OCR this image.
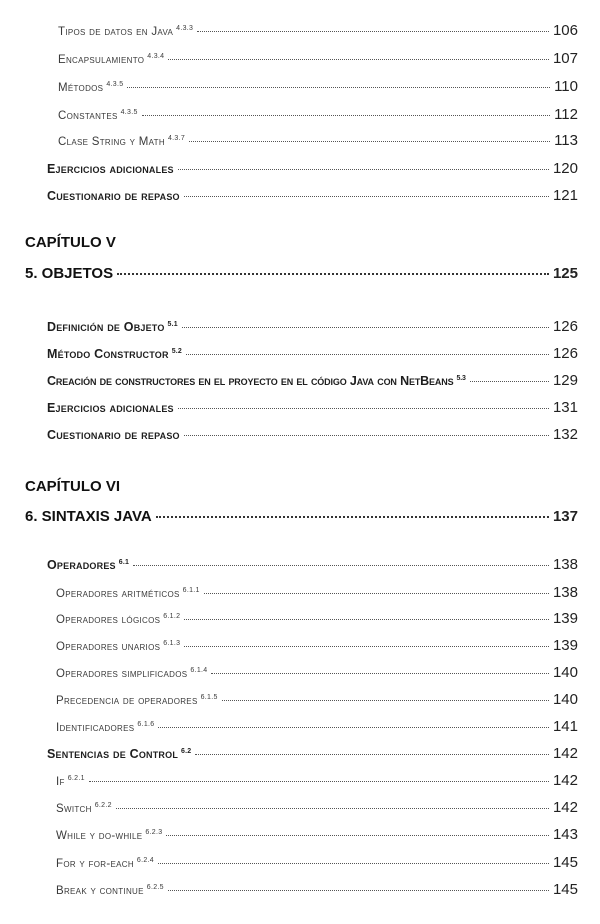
Tipos de datos en Java $^{4.3.3}$	106
Encapsulamiento $^{4.3.4}$	107
Métodos $^{4.3.5}$	110
Constantes $^{4.3.5}$	112
Clase String y Math $^{4.3.7}$	113
Ejercicios adicionales	120
Cuestionario de repaso	121
CAPÍTULO V
5. OBJETOS	125
Definición de Objeto $^{5.1}$	126
Método Constructor $^{5.2}$	126
Creación de constructores en el proyecto en el código Java con NetBeans $^{5.3}$	129
Ejercicios adicionales	131
Cuestionario de repaso	132
CAPÍTULO VI
6. SINTAXIS JAVA	137
Operadores $^{6.1}$	138
Operadores aritméticos $^{6.1.1}$	138
Operadores lógicos $^{6.1.2}$	139
Operadores unarios $^{6.1.3}$	139
Operadores simplificados $^{6.1.4}$	140
Precedencia de operadores $^{6.1.5}$	140
Identificadores $^{6.1.6}$	141
Sentencias de Control $^{6.2}$	142
If $^{6.2.1}$	142
Switch $^{6.2.2}$	142
While y do-while $^{6.2.3}$	143
For y for-each $^{6.2.4}$	145
Break y continue $^{6.2.5}$	145
